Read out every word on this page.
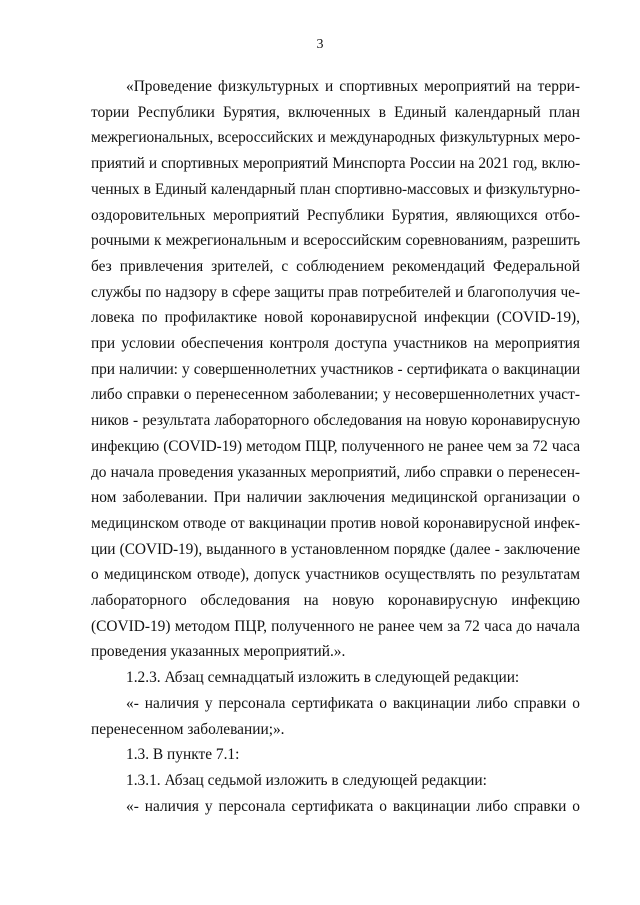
3
«Проведение физкультурных и спортивных мероприятий на терри-
тории Республики Бурятия, включенных в Единый календарный план
межрегиональных, всероссийских и международных физкультурных меро-
приятий и спортивных мероприятий Минспорта России на 2021 год, вклю-
ченных в Единый календарный план спортивно-массовых и физкультурно-
оздоровительных мероприятий Республики Бурятия, являющихся отбо-
рочными к межрегиональным и всероссийским соревнованиям, разрешить
без привлечения зрителей, с соблюдением рекомендаций Федеральной
службы по надзору в сфере защиты прав потребителей и благополучия че-
ловека по профилактике новой коронавирусной инфекции (COVID-19),
при условии обеспечения контроля доступа участников на мероприятия
при наличии: у совершеннолетних участников - сертификата о вакцинации
либо справки о перенесенном заболевании; у несовершеннолетних участ-
ников - результата лабораторного обследования на новую коронавирусную
инфекцию (COVID-19) методом ПЦР, полученного не ранее чем за 72 часа
до начала проведения указанных мероприятий, либо справки о перенесен-
ном заболевании. При наличии заключения медицинской организации о
медицинском отводе от вакцинации против новой коронавирусной инфек-
ции (COVID-19), выданного в установленном порядке (далее - заключение
о медицинском отводе), допуск участников осуществлять по результатам
лабораторного обследования на новую коронавирусную инфекцию
(COVID-19) методом ПЦР, полученного не ранее чем за 72 часа до начала
проведения указанных мероприятий.».
1.2.3. Абзац семнадцатый изложить в следующей редакции:
«- наличия у персонала сертификата о вакцинации либо справки о
перенесенном заболевании;».
1.3. В пункте 7.1:
1.3.1. Абзац седьмой изложить в следующей редакции:
«- наличия у персонала сертификата о вакцинации либо справки о
